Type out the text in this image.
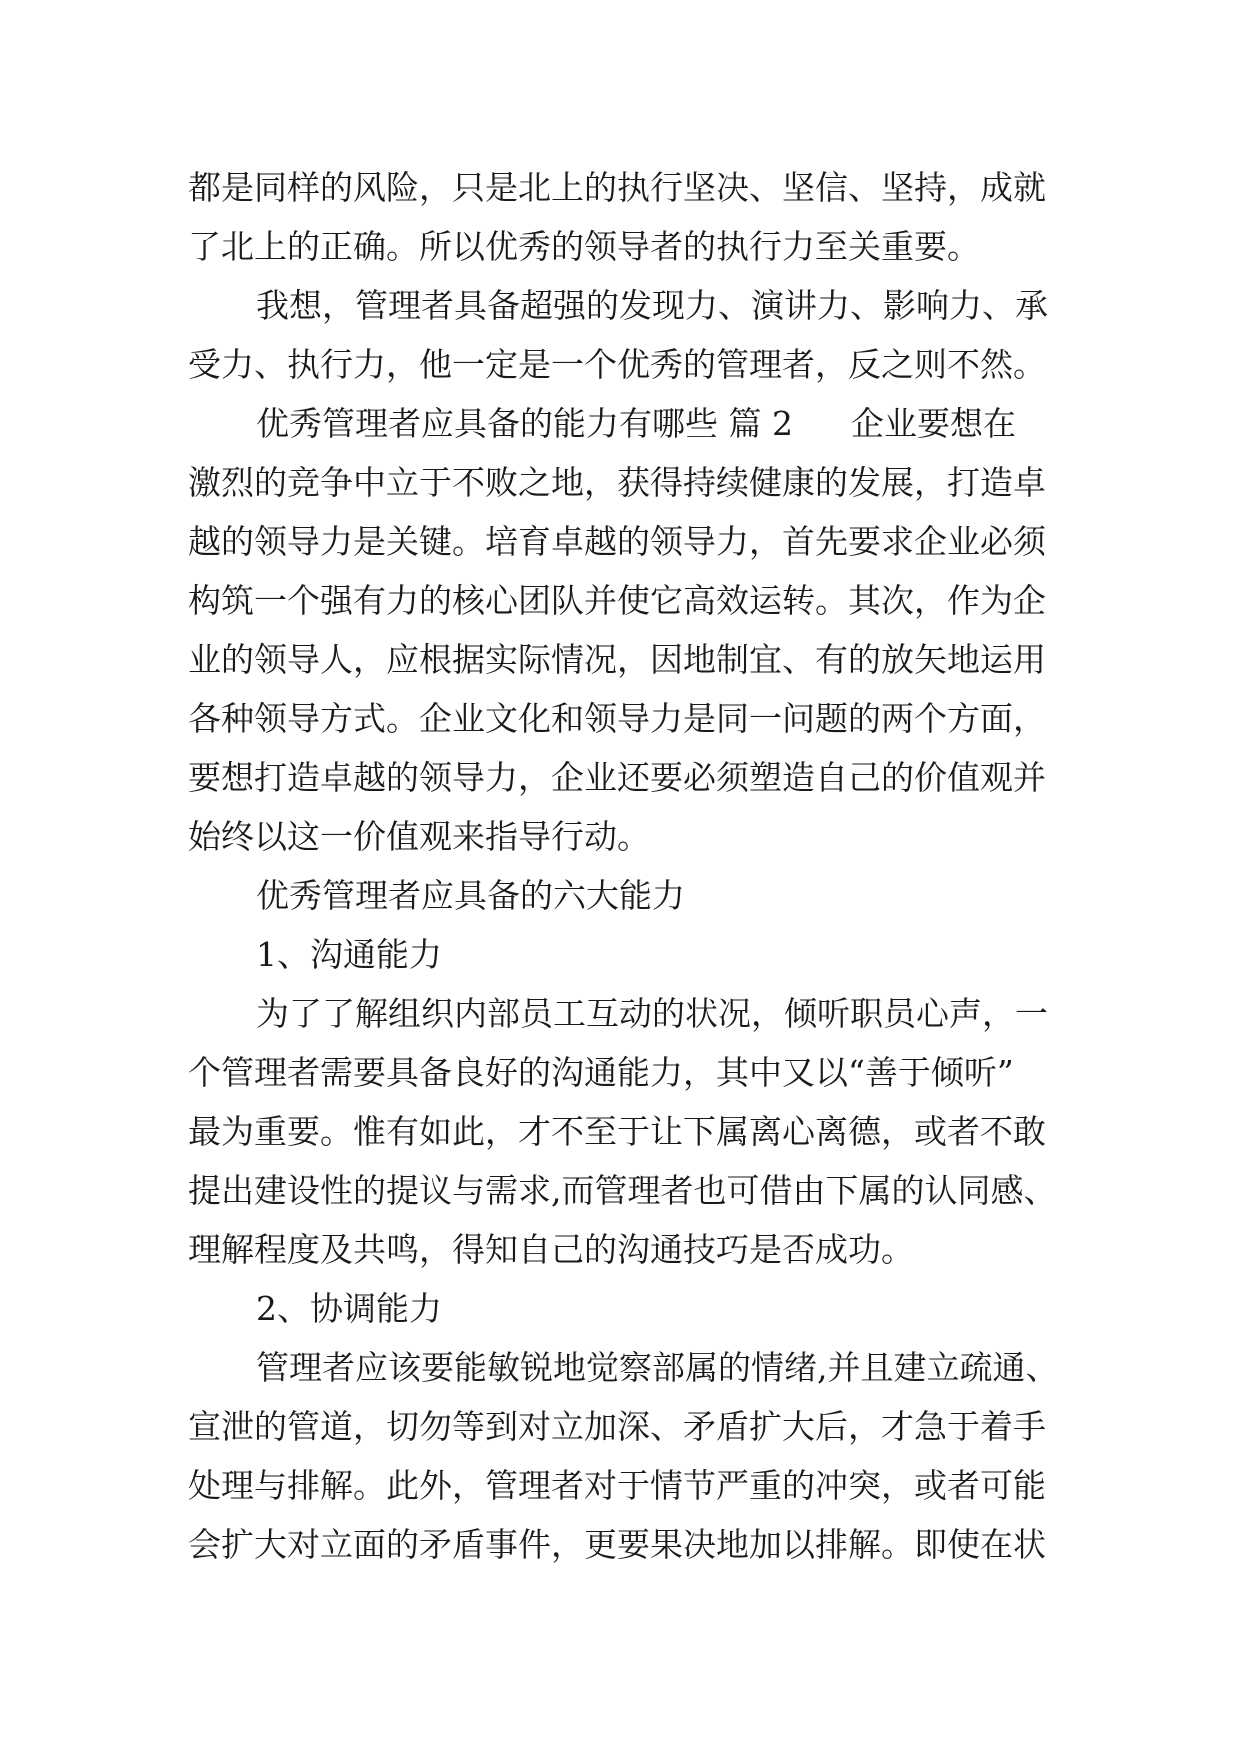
都是同样的风险，只是北上的执行坚决、坚信、坚持，成就
了北上的正确。所以优秀的领导者的执行力至关重要。
我想，管理者具备超强的发现力、演讲力、影响力、承
受力、执行力，他一定是一个优秀的管理者，反之则不然。
优秀管理者应具备的能力有哪些 篇 2 企业要想在
激烈的竞争中立于不败之地，获得持续健康的发展，打造卓
越的领导力是关键。培育卓越的领导力，首先要求企业必须
构筑一个强有力的核心团队并使它高效运转。其次，作为企
业的领导人，应根据实际情况，因地制宜、有的放矢地运用
各种领导方式。企业文化和领导力是同一问题的两个方面，
要想打造卓越的领导力，企业还要必须塑造自己的价值观并
始终以这一价值观来指导行动。
优秀管理者应具备的六大能力
1、沟通能力
为了了解组织内部员工互动的状况，倾听职员心声，一
个管理者需要具备良好的沟通能力，其中又以“善于倾听”
最为重要。惟有如此，才不至于让下属离心离德，或者不敢
提出建设性的提议与需求,而管理者也可借由下属的认同感、
理解程度及共鸣，得知自己的沟通技巧是否成功。
2、协调能力
管理者应该要能敏锐地觉察部属的情绪,并且建立疏通、
宣泄的管道，切勿等到对立加深、矛盾扩大后，才急于着手
处理与排解。此外，管理者对于情节严重的冲突，或者可能
会扩大对立面的矛盾事件，更要果决地加以排解。即使在状
